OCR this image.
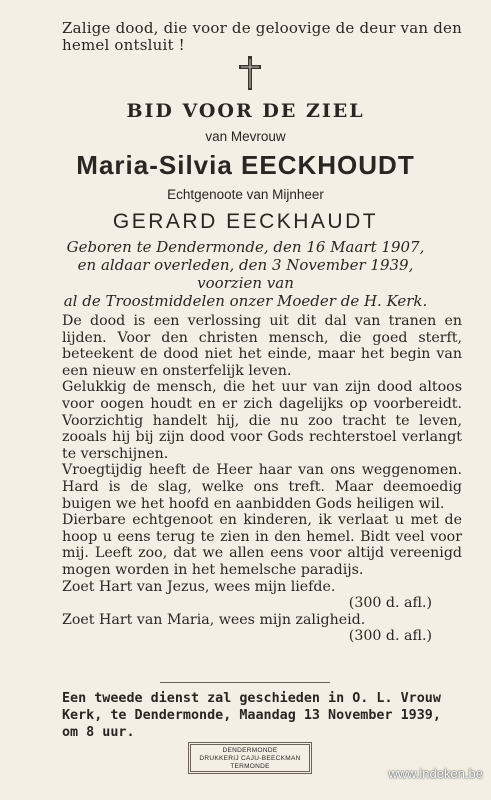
Zalige dood, die voor de geloovige de deur van den
hemel ontsluit !
BID VOOR DE ZIEL
van Mevrouw
Maria-Silvia EECKHOUDT
Echtgenoote van Mijnheer
GERARD EECKHAUDT
Geboren te Dendermonde, den 16 Maart 1907,
en aldaar overleden, den 3 November 1939,
voorzien van
al de Troostmiddelen onzer Moeder de H. Kerk.

De dood is een verlossing uit dit dal van tranen en lijden. Voor den christen mensch, die goed sterft, beteekent de dood niet het einde, maar het begin van een nieuw en onsterfelijk leven.

Gelukkig de mensch, die het uur van zijn dood altoos voor oogen houdt en er zich dagelijks op voorbereidt. Voorzichtig handelt hij, die nu zoo tracht te leven, zooals hij bij zijn dood voor Gods rechterstoel verlangt te verschijnen.

Vroegtijdig heeft de Heer haar van ons weggenomen. Hard is de slag, welke ons treft. Maar deemoedig buigen we het hoofd en aanbidden Gods heiligen wil.

Dierbare echtgenoot en kinderen, ik verlaat u met de hoop u eens terug te zien in den hemel. Bidt veel voor mij. Leeft zoo, dat we allen eens voor altijd vereenigd mogen worden in het hemelsche paradijs.

Zoet Hart van Jezus, wees mijn liefde.

(300 d. afl.)

Zoet Hart van Maria, wees mijn zaligheid.

(300 d. afl.)

Een tweede dienst zal geschieden in O. L. Vrouw
Kerk, te Dendermonde, Maandag 13 November 1939,
om 8 uur.
DENDERMONDE
DRUKKERIJ CAJU-BEECKMAN
TERMONDE	www.indeken.be
